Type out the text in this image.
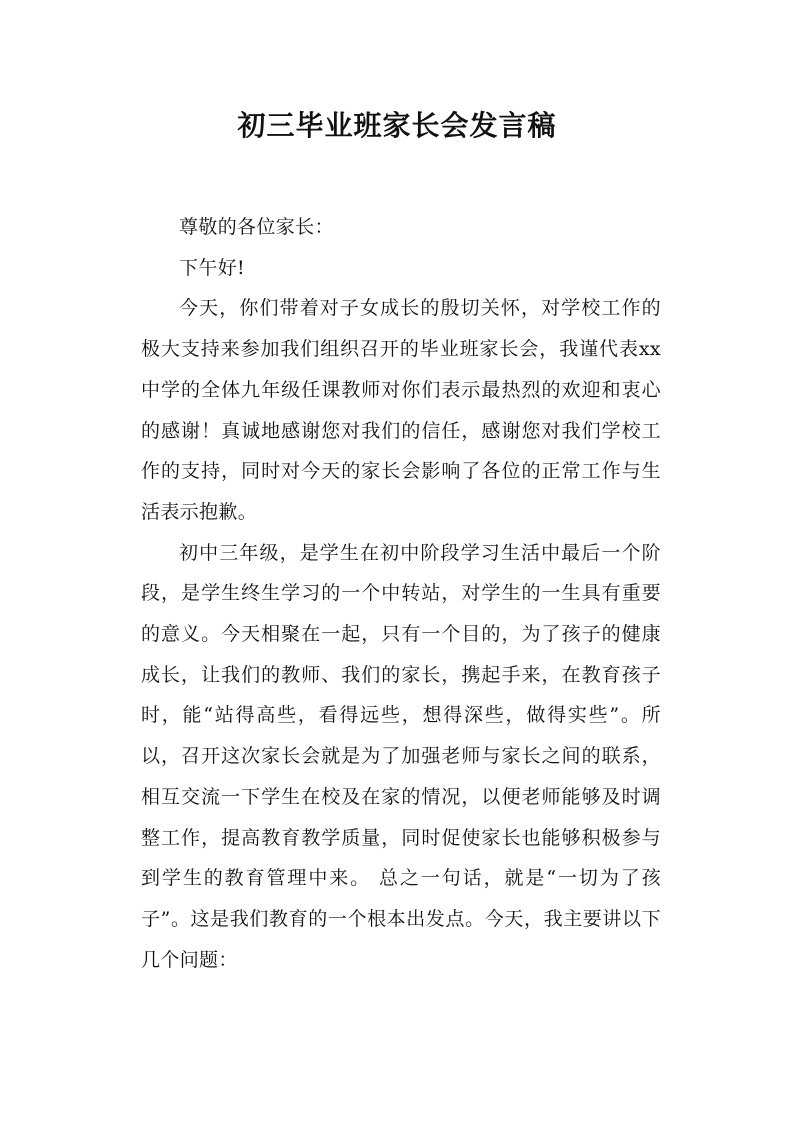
初三毕业班家长会发言稿

尊敬的各位家长：

下午好!

今天，你们带着对子女成长的殷切关怀，对学校工作的极大支持来参加我们组织召开的毕业班家长会，我谨代表xx中学的全体九年级任课教师对你们表示最热烈的欢迎和衷心的感谢！真诚地感谢您对我们的信任，感谢您对我们学校工作的支持，同时对今天的家长会影响了各位的正常工作与生活表示抱歉。

初中三年级，是学生在初中阶段学习生活中最后一个阶段，是学生终生学习的一个中转站，对学生的一生具有重要的意义。今天相聚在一起，只有一个目的，为了孩子的健康成长，让我们的教师、我们的家长，携起手来，在教育孩子时，能“站得高些，看得远些，想得深些，做得实些”。所以，召开这次家长会就是为了加强老师与家长之间的联系，相互交流一下学生在校及在家的情况，以便老师能够及时调整工作，提高教育教学质量，同时促使家长也能够积极参与到学生的教育管理中来。 总之一句话，就是“一切为了孩子”。这是我们教育的一个根本出发点。今天，我主要讲以下几个问题：
